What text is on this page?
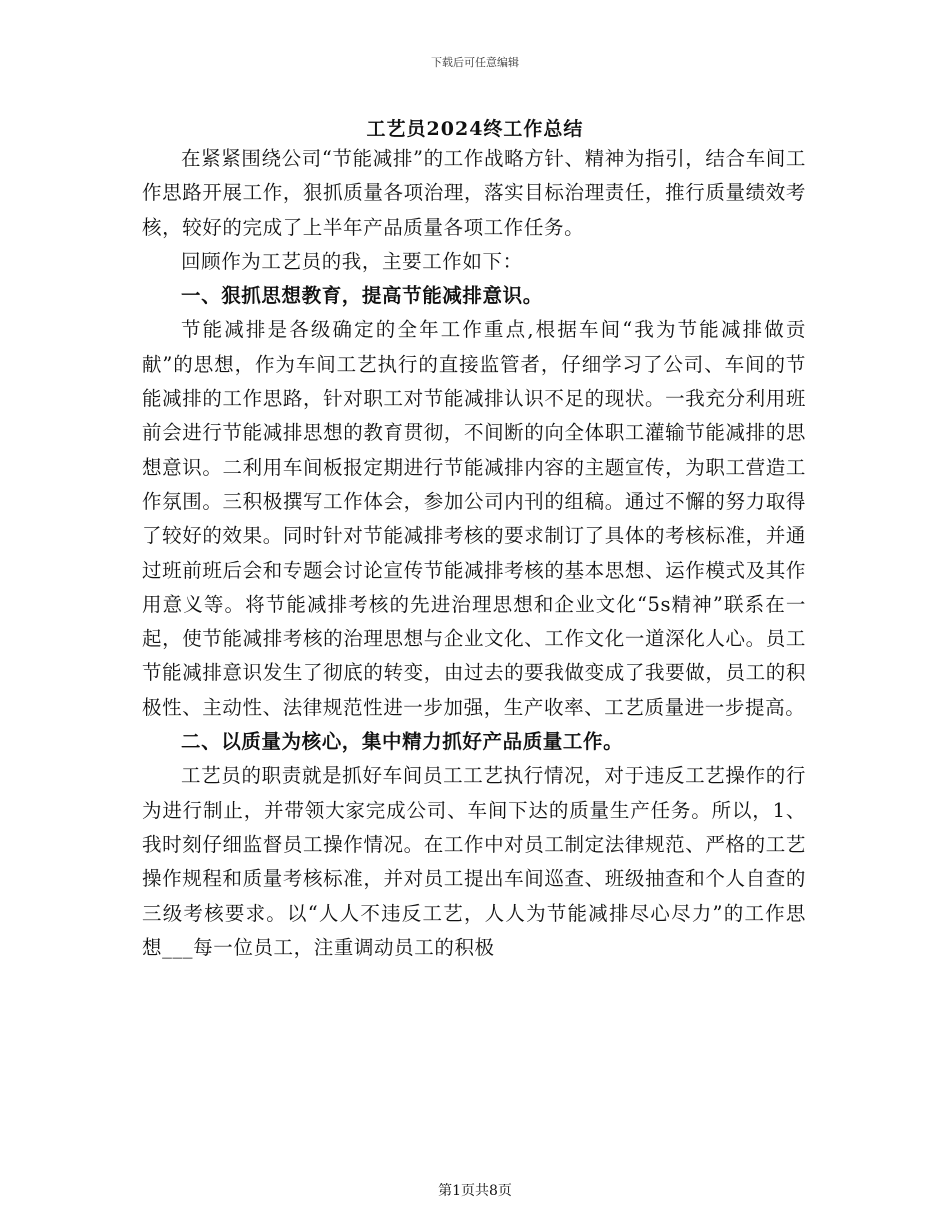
下载后可任意编辑
工艺员2024终工作总结

在紧紧围绕公司“节能减排”的工作战略方针、精神为指引，结合车间工作思路开展工作，狠抓质量各项治理，落实目标治理责任，推行质量绩效考核，较好的完成了上半年产品质量各项工作任务。

回顾作为工艺员的我，主要工作如下：

一、狠抓思想教育，提高节能减排意识。

节能减排是各级确定的全年工作重点,根据车间“我为节能减排做贡献”的思想，作为车间工艺执行的直接监管者，仔细学习了公司、车间的节能减排的工作思路，针对职工对节能减排认识不足的现状。一我充分利用班前会进行节能减排思想的教育贯彻，不间断的向全体职工灌输节能减排的思想意识。二利用车间板报定期进行节能减排内容的主题宣传，为职工营造工作氛围。三积极撰写工作体会，参加公司内刊的组稿。通过不懈的努力取得了较好的效果。同时针对节能减排考核的要求制订了具体的考核标准，并通过班前班后会和专题会讨论宣传节能减排考核的基本思想、运作模式及其作用意义等。将节能减排考核的先进治理思想和企业文化“5s精神”联系在一起，使节能减排考核的治理思想与企业文化、工作文化一道深化人心。员工节能减排意识发生了彻底的转变，由过去的要我做变成了我要做，员工的积极性、主动性、法律规范性进一步加强，生产收率、工艺质量进一步提高。

二、以质量为核心，集中精力抓好产品质量工作。

工艺员的职责就是抓好车间员工工艺执行情况，对于违反工艺操作的行为进行制止，并带领大家完成公司、车间下达的质量生产任务。所以，1、我时刻仔细监督员工操作情况。在工作中对员工制定法律规范、严格的工艺操作规程和质量考核标准，并对员工提出车间巡查、班级抽查和个人自查的三级考核要求。以“人人不违反工艺，人人为节能减排尽心尽力”的工作思想___每一位员工，注重调动员工的积极

第1页共8页
